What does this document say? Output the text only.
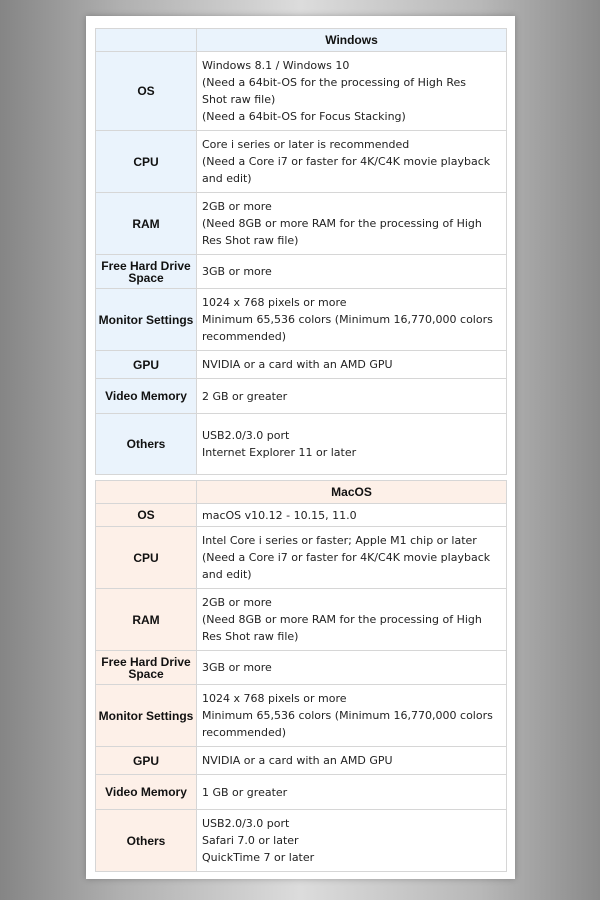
	Windows
OS	Windows 8.1 / Windows 10
(Need a 64bit-OS for the processing of High Res
Shot raw file)
(Need a 64bit-OS for Focus Stacking)

CPU	Core i series or later is recommended
(Need a Core i7 or faster for 4K/C4K movie playback
and edit)

RAM	2GB or more
(Need 8GB or more RAM for the processing of High
Res Shot raw file)

Free Hard Drive Space	3GB or more

Monitor Settings	1024 x 768 pixels or more
Minimum 65,536 colors (Minimum 16,770,000 colors
recommended)

GPU	NVIDIA or a card with an AMD GPU

Video Memory	2 GB or greater

Others	USB2.0/3.0 port
Internet Explorer 11 or later
	MacOS
OS	macOS v10.12 - 10.15, 11.0

CPU	Intel Core i series or faster; Apple M1 chip or later
(Need a Core i7 or faster for 4K/C4K movie playback
and edit)

RAM	2GB or more
(Need 8GB or more RAM for the processing of High
Res Shot raw file)

Free Hard Drive Space	3GB or more

Monitor Settings	1024 x 768 pixels or more
Minimum 65,536 colors (Minimum 16,770,000 colors
recommended)

GPU	NVIDIA or a card with an AMD GPU

Video Memory	1 GB or greater

Others	USB2.0/3.0 port
Safari 7.0 or later
QuickTime 7 or later
